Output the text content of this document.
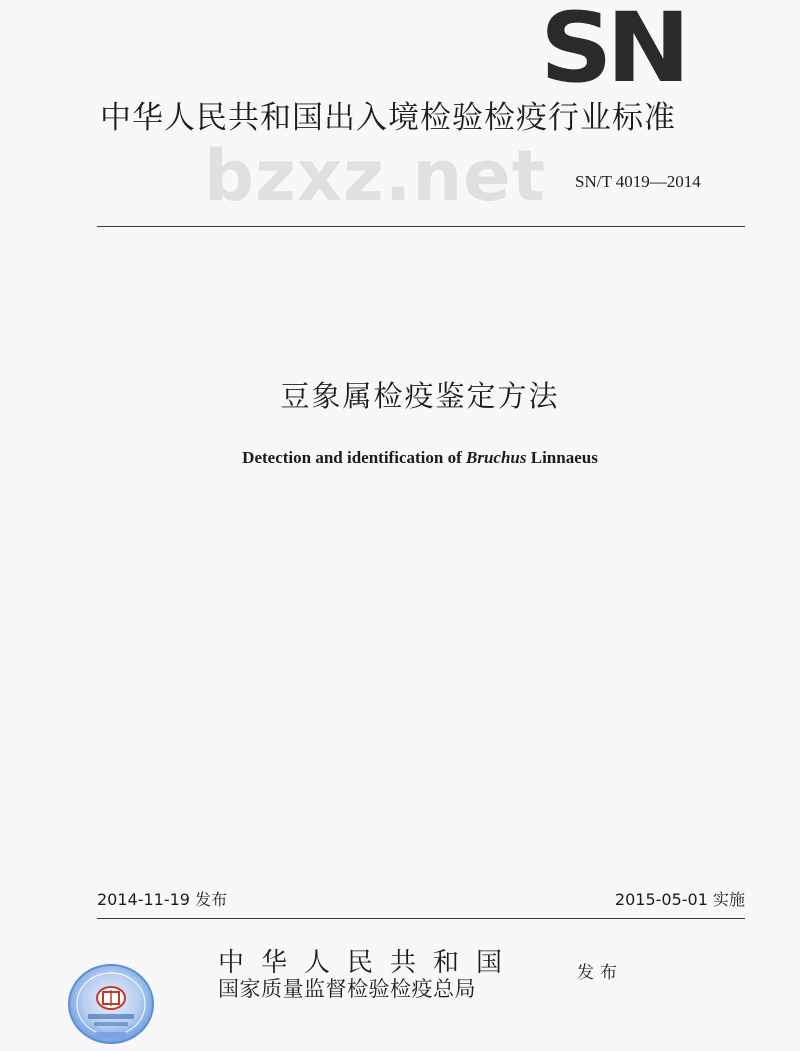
SN
中华人民共和国出入境检验检疫行业标准
bzxz.net SN/T 4019—2014
豆象属检疫鉴定方法
Detection and identification of Bruchus Linnaeus
2014-11-19 发布	2015-05-01 实施
中华人民共和国
国家质量监督检验检疫总局
发布
